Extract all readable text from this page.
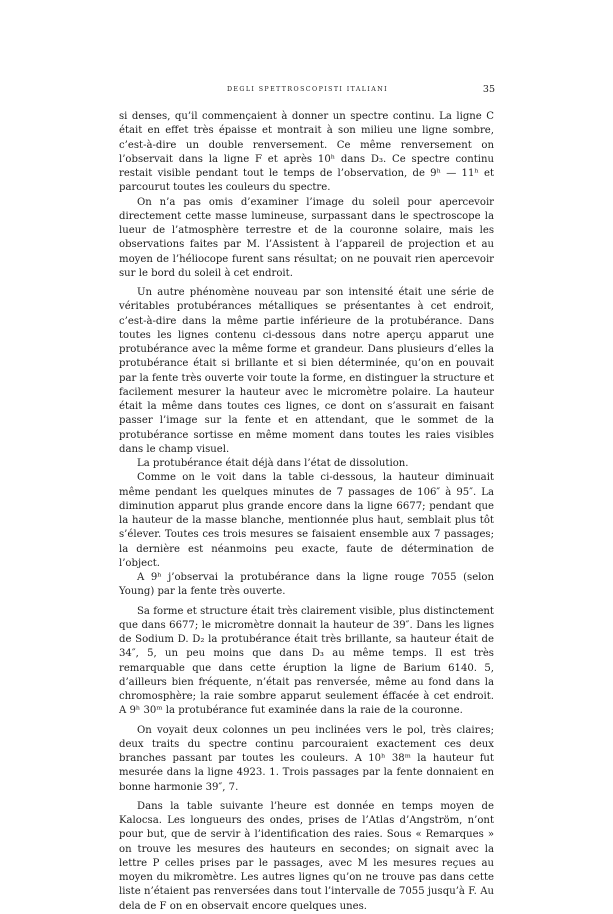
DEGLI SPETTROSCOPISTI ITALIANI	35

si denses, qu’il commençaient à donner un spectre continu. La ligne C était en effet très épaisse et montrait à son milieu une ligne sombre, c’est-à-dire un double renversement. Ce même renversement on l’observait dans la ligne F et après 10ʰ dans D₃. Ce spectre continu restait visible pendant tout le temps de l’observation, de 9ʰ — 11ʰ et parcourut toutes les couleurs du spectre.

On n’a pas omis d’examiner l’image du soleil pour apercevoir directement cette masse lumineuse, surpassant dans le spectroscope la lueur de l’atmosphère terrestre et de la couronne solaire, mais les observations faites par M. l’Assistent à l’appareil de projection et au moyen de l’héliocope furent sans résultat; on ne pouvait rien apercevoir sur le bord du soleil à cet endroit.

Un autre phénomène nouveau par son intensité était une série de véritables protubérances métalliques se présentantes à cet endroit, c’est-à-dire dans la même partie inférieure de la protubérance. Dans toutes les lignes contenu ci-dessous dans notre aperçu apparut une protubérance avec la même forme et grandeur. Dans plusieurs d’elles la protubérance était si brillante et si bien déterminée, qu’on en pouvait par la fente très ouverte voir toute la forme, en distinguer la structure et facilement mesurer la hauteur avec le micromètre polaire. La hauteur était la même dans toutes ces lignes, ce dont on s’assurait en faisant passer l’image sur la fente et en attendant, que le sommet de la protubérance sortisse en même moment dans toutes les raies visibles dans le champ visuel.

La protubérance était déjà dans l’état de dissolution.

Comme on le voit dans la table ci-dessous, la hauteur diminuait même pendant les quelques minutes de 7 passages de 106″ à 95″. La diminution apparut plus grande encore dans la ligne 6677; pendant que la hauteur de la masse blanche, mentionnée plus haut, semblait plus tôt s’élever. Toutes ces trois mesures se faisaient ensemble aux 7 passages; la dernière est néanmoins peu exacte, faute de détermination de l’object.

A 9ʰ j’observai la protubérance dans la ligne rouge 7055 (selon Young) par la fente très ouverte.

Sa forme et structure était très clairement visible, plus distinctement que dans 6677; le micromètre donnait la hauteur de 39″. Dans les lignes de Sodium D. D₂ la protubérance était très brillante, sa hauteur était de 34″, 5, un peu moins que dans D₃ au même temps. Il est très remarquable que dans cette éruption la ligne de Barium 6140. 5, d’ailleurs bien fréquente, n’était pas renversée, même au fond dans la chromosphère; la raie sombre apparut seulement éffacée à cet endroit. A 9ʰ 30ᵐ la protubérance fut examinée dans la raie de la couronne.

On voyait deux colonnes un peu inclinées vers le pol, très claires; deux traits du spectre continu parcouraient exactement ces deux branches passant par toutes les couleurs. A 10ʰ 38ᵐ la hauteur fut mesurée dans la ligne 4923. 1. Trois passages par la fente donnaient en bonne harmonie 39″, 7.

Dans la table suivante l’heure est donnée en temps moyen de Kalocsa. Les longueurs des ondes, prises de l’Atlas d’Angström, n’ont pour but, que de servir à l’identification des raies. Sous « Remarques » on trouve les mesures des hauteurs en secondes; on signait avec la lettre P celles prises par le passages, avec M les mesures reçues au moyen du mikromètre. Les autres lignes qu’on ne trouve pas dans cette liste n’étaient pas renversées dans tout l’intervalle de 7055 jusqu’à F. Au dela de F on en observait encore quelques unes.
